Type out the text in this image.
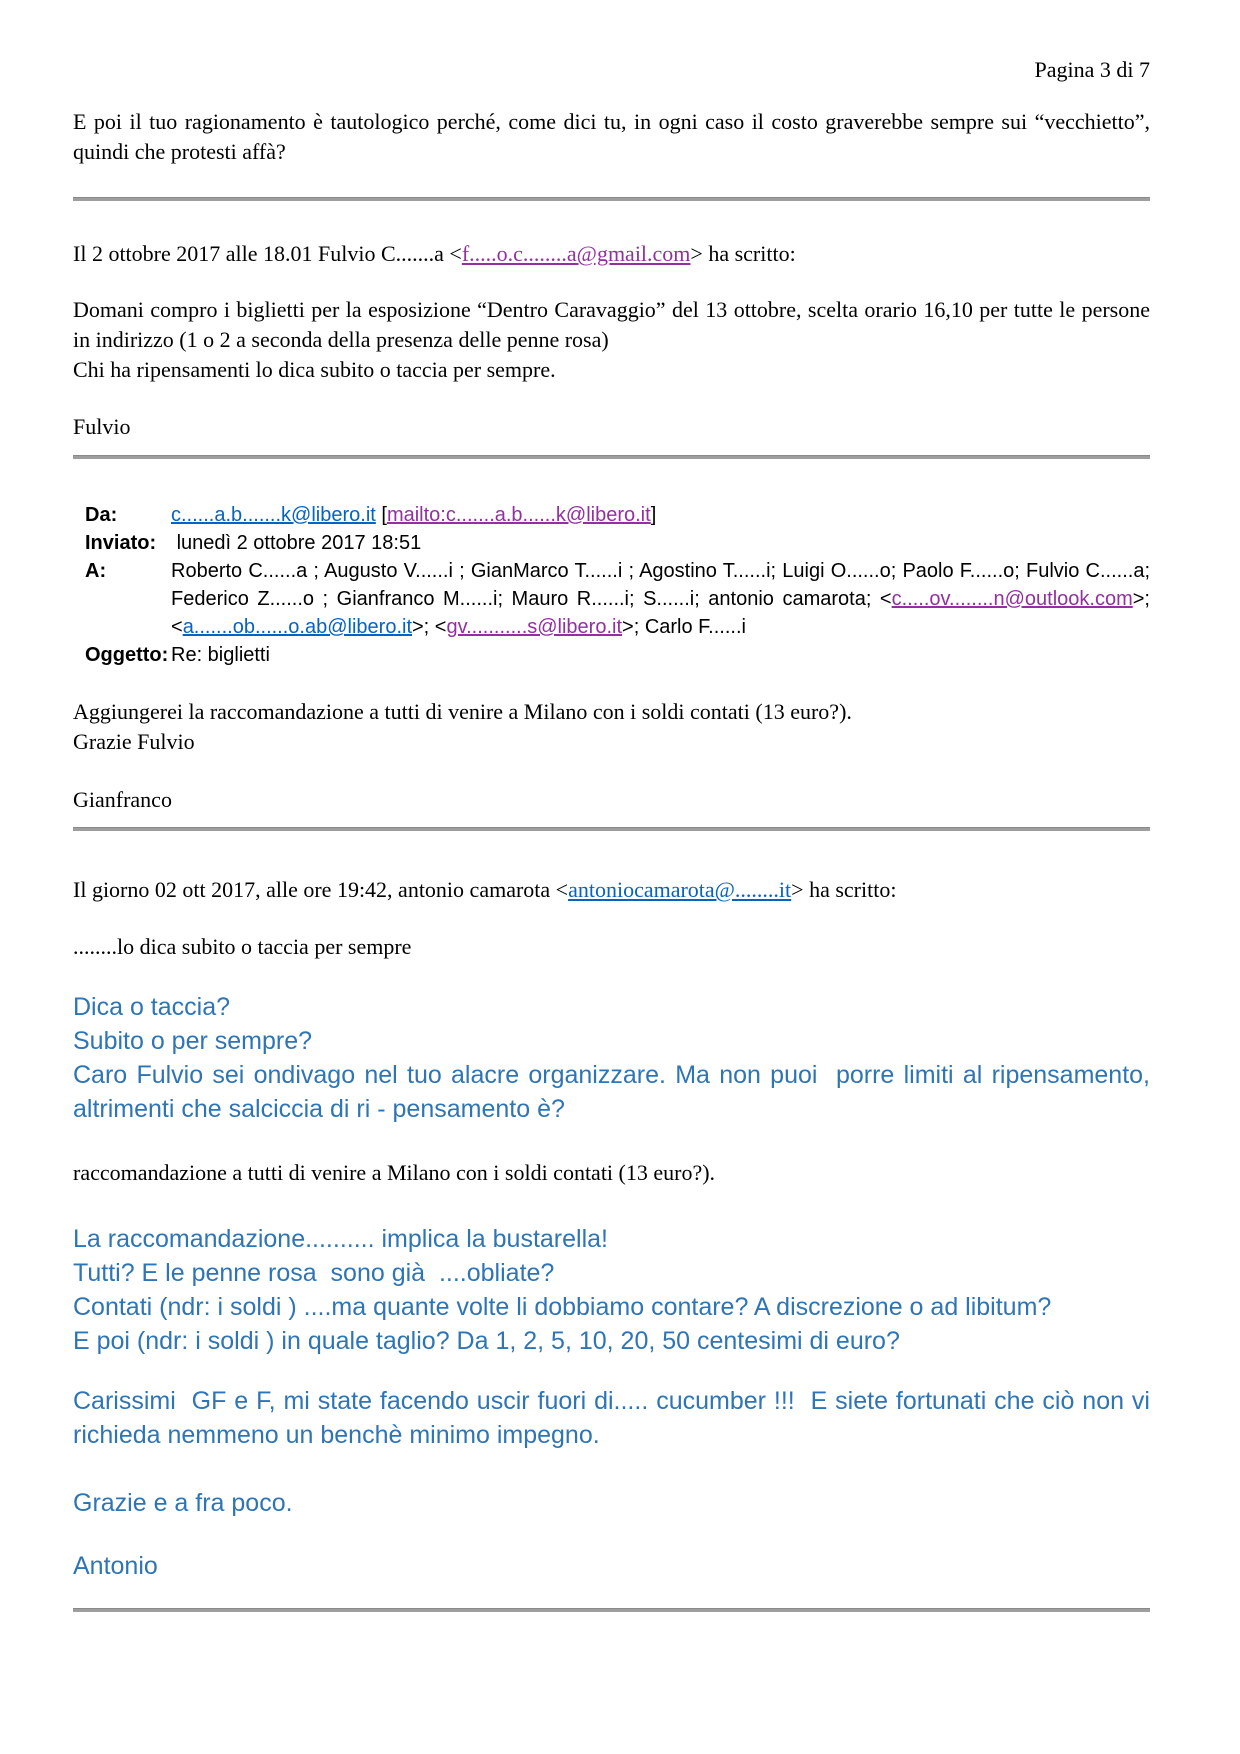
Pagina 3 di 7

E poi il tuo ragionamento è tautologico perché, come dici tu, in ogni caso il costo graverebbe sempre sui “vecchietto”, quindi che protesti affà?

Il 2 ottobre 2017 alle 18.01 Fulvio C.......a <f.....o.c........a@gmail.com> ha scritto:

Domani compro i biglietti per la esposizione “Dentro Caravaggio” del 13 ottobre, scelta orario 16,10 per tutte le persone in indirizzo (1 o 2 a seconda della presenza delle penne rosa)

Chi ha ripensamenti lo dica subito o taccia per sempre.

Fulvio

Da:	c......a.b.......k@libero.it [mailto:c.......a.b......k@libero.it]
Inviato: lunedì 2 ottobre 2017 18:51
A:	Roberto C......a ; Augusto V......i ; GianMarco T......i ; Agostino T......i; Luigi O......o; Paolo F......o; Fulvio C......a; Federico Z......o ; Gianfranco M......i; Mauro R......i; S......i; antonio camarota; <c.....ov........n@outlook.com>; <a.......ob......o.ab@libero.it>; <gv...........s@libero.it>; Carlo F......i
Oggetto: Re: biglietti

Aggiungerei la raccomandazione a tutti di venire a Milano con i soldi contati (13 euro?).

Grazie Fulvio

Gianfranco

Il giorno 02 ott 2017, alle ore 19:42, antonio camarota <antoniocamarota@........it> ha scritto:

........lo dica subito o taccia per sempre

Dica o taccia?
Subito o per sempre?
Caro Fulvio sei ondivago nel tuo alacre organizzare. Ma non puoi  porre limiti al ripensamento, altrimenti che salciccia di ri - pensamento è?

raccomandazione a tutti di venire a Milano con i soldi contati (13 euro?).

La raccomandazione.......... implica la bustarella!
Tutti? E le penne rosa  sono già  ....obliate?
Contati (ndr: i soldi ) ....ma quante volte li dobbiamo contare? A discrezione o ad libitum?
E poi (ndr: i soldi ) in quale taglio? Da 1, 2, 5, 10, 20, 50 centesimi di euro?
Carissimi  GF e F, mi state facendo uscir fuori di..... cucumber !!!  E siete fortunati che ciò non vi richieda nemmeno un benchè minimo impegno.
Grazie e a fra poco.
Antonio
